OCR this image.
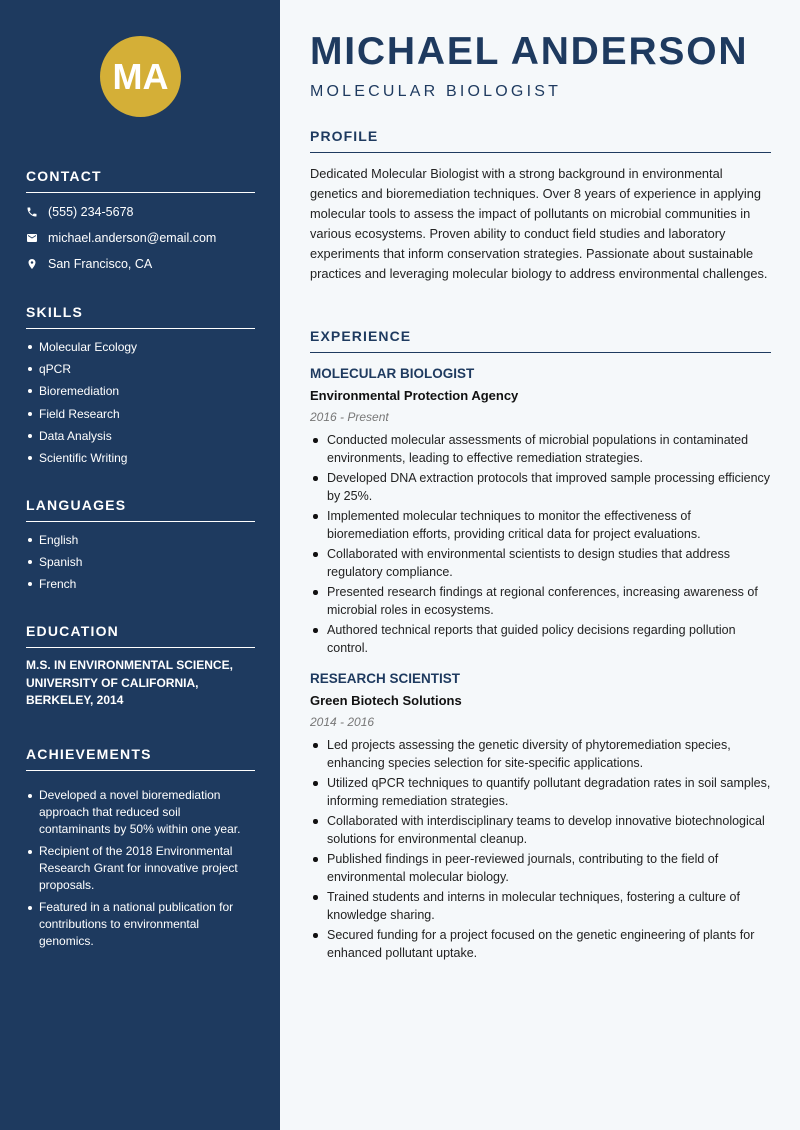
MA
CONTACT
(555) 234-5678
michael.anderson@email.com
San Francisco, CA
SKILLS
Molecular Ecology
qPCR
Bioremediation
Field Research
Data Analysis
Scientific Writing
LANGUAGES
English
Spanish
French
EDUCATION

M.S. IN ENVIRONMENTAL SCIENCE, UNIVERSITY OF CALIFORNIA, BERKELEY, 2014

ACHIEVEMENTS
Developed a novel bioremediation approach that reduced soil contaminants by 50% within one year.
Recipient of the 2018 Environmental Research Grant for innovative project proposals.
Featured in a national publication for contributions to environmental genomics.
MICHAEL ANDERSON
MOLECULAR BIOLOGIST
PROFILE

Dedicated Molecular Biologist with a strong background in environmental genetics and bioremediation techniques. Over 8 years of experience in applying molecular tools to assess the impact of pollutants on microbial communities in various ecosystems. Proven ability to conduct field studies and laboratory experiments that inform conservation strategies. Passionate about sustainable practices and leveraging molecular biology to address environmental challenges.

EXPERIENCE
MOLECULAR BIOLOGIST
Environmental Protection Agency
2016 - Present
Conducted molecular assessments of microbial populations in contaminated environments, leading to effective remediation strategies.
Developed DNA extraction protocols that improved sample processing efficiency by 25%.
Implemented molecular techniques to monitor the effectiveness of bioremediation efforts, providing critical data for project evaluations.
Collaborated with environmental scientists to design studies that address regulatory compliance.
Presented research findings at regional conferences, increasing awareness of microbial roles in ecosystems.
Authored technical reports that guided policy decisions regarding pollution control.
RESEARCH SCIENTIST
Green Biotech Solutions
2014 - 2016
Led projects assessing the genetic diversity of phytoremediation species, enhancing species selection for site-specific applications.
Utilized qPCR techniques to quantify pollutant degradation rates in soil samples, informing remediation strategies.
Collaborated with interdisciplinary teams to develop innovative biotechnological solutions for environmental cleanup.
Published findings in peer-reviewed journals, contributing to the field of environmental molecular biology.
Trained students and interns in molecular techniques, fostering a culture of knowledge sharing.
Secured funding for a project focused on the genetic engineering of plants for enhanced pollutant uptake.
